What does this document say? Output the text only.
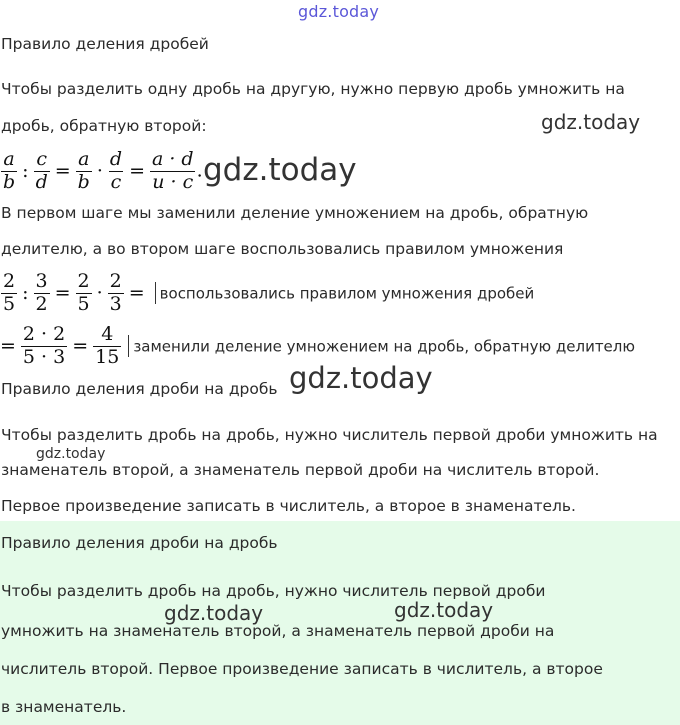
gdz.today
Правило деления дробей
Чтобы разделить одну дробь на другую, нужно первую дробь умножить на
дробь, обратную второй:	gdz.today
$\frac{a}{b}$ : $\frac{c}{d} = \frac{a}{b} \cdot \frac{d}{c} = \frac{a \cdot d}{u \cdot c}$ . gdz.today
В первом шаге мы заменили деление умножением на дробь, обратную
делителю, а во втором шаге воспользовались правилом умножения
$\frac{2}{5}$ : $\frac{3}{2} = \frac{2}{5} \cdot \frac{2}{3}$ = воспользовались правилом умножения дробей
= $\frac{2 \cdot 2}{5 \cdot 3} = \frac{4}{15}$ заменили деление умножением на дробь, обратную делителю
Правило деления дроби на дробь gdz.today
Чтобы разделить дробь на дробь, нужно числитель первой дроби умножить на
gdz.today
знаменатель второй, а знаменатель первой дроби на числитель второй.
Первое произведение записать в числитель, а второе в знаменатель.
Правило деления дроби на дробь
Чтобы разделить дробь на дробь, нужно числитель первой дроби
gdz.today	gdz.today
умножить на знаменатель второй, а знаменатель первой дроби на
числитель второй. Первое произведение записать в числитель, а второе
в знаменатель.
